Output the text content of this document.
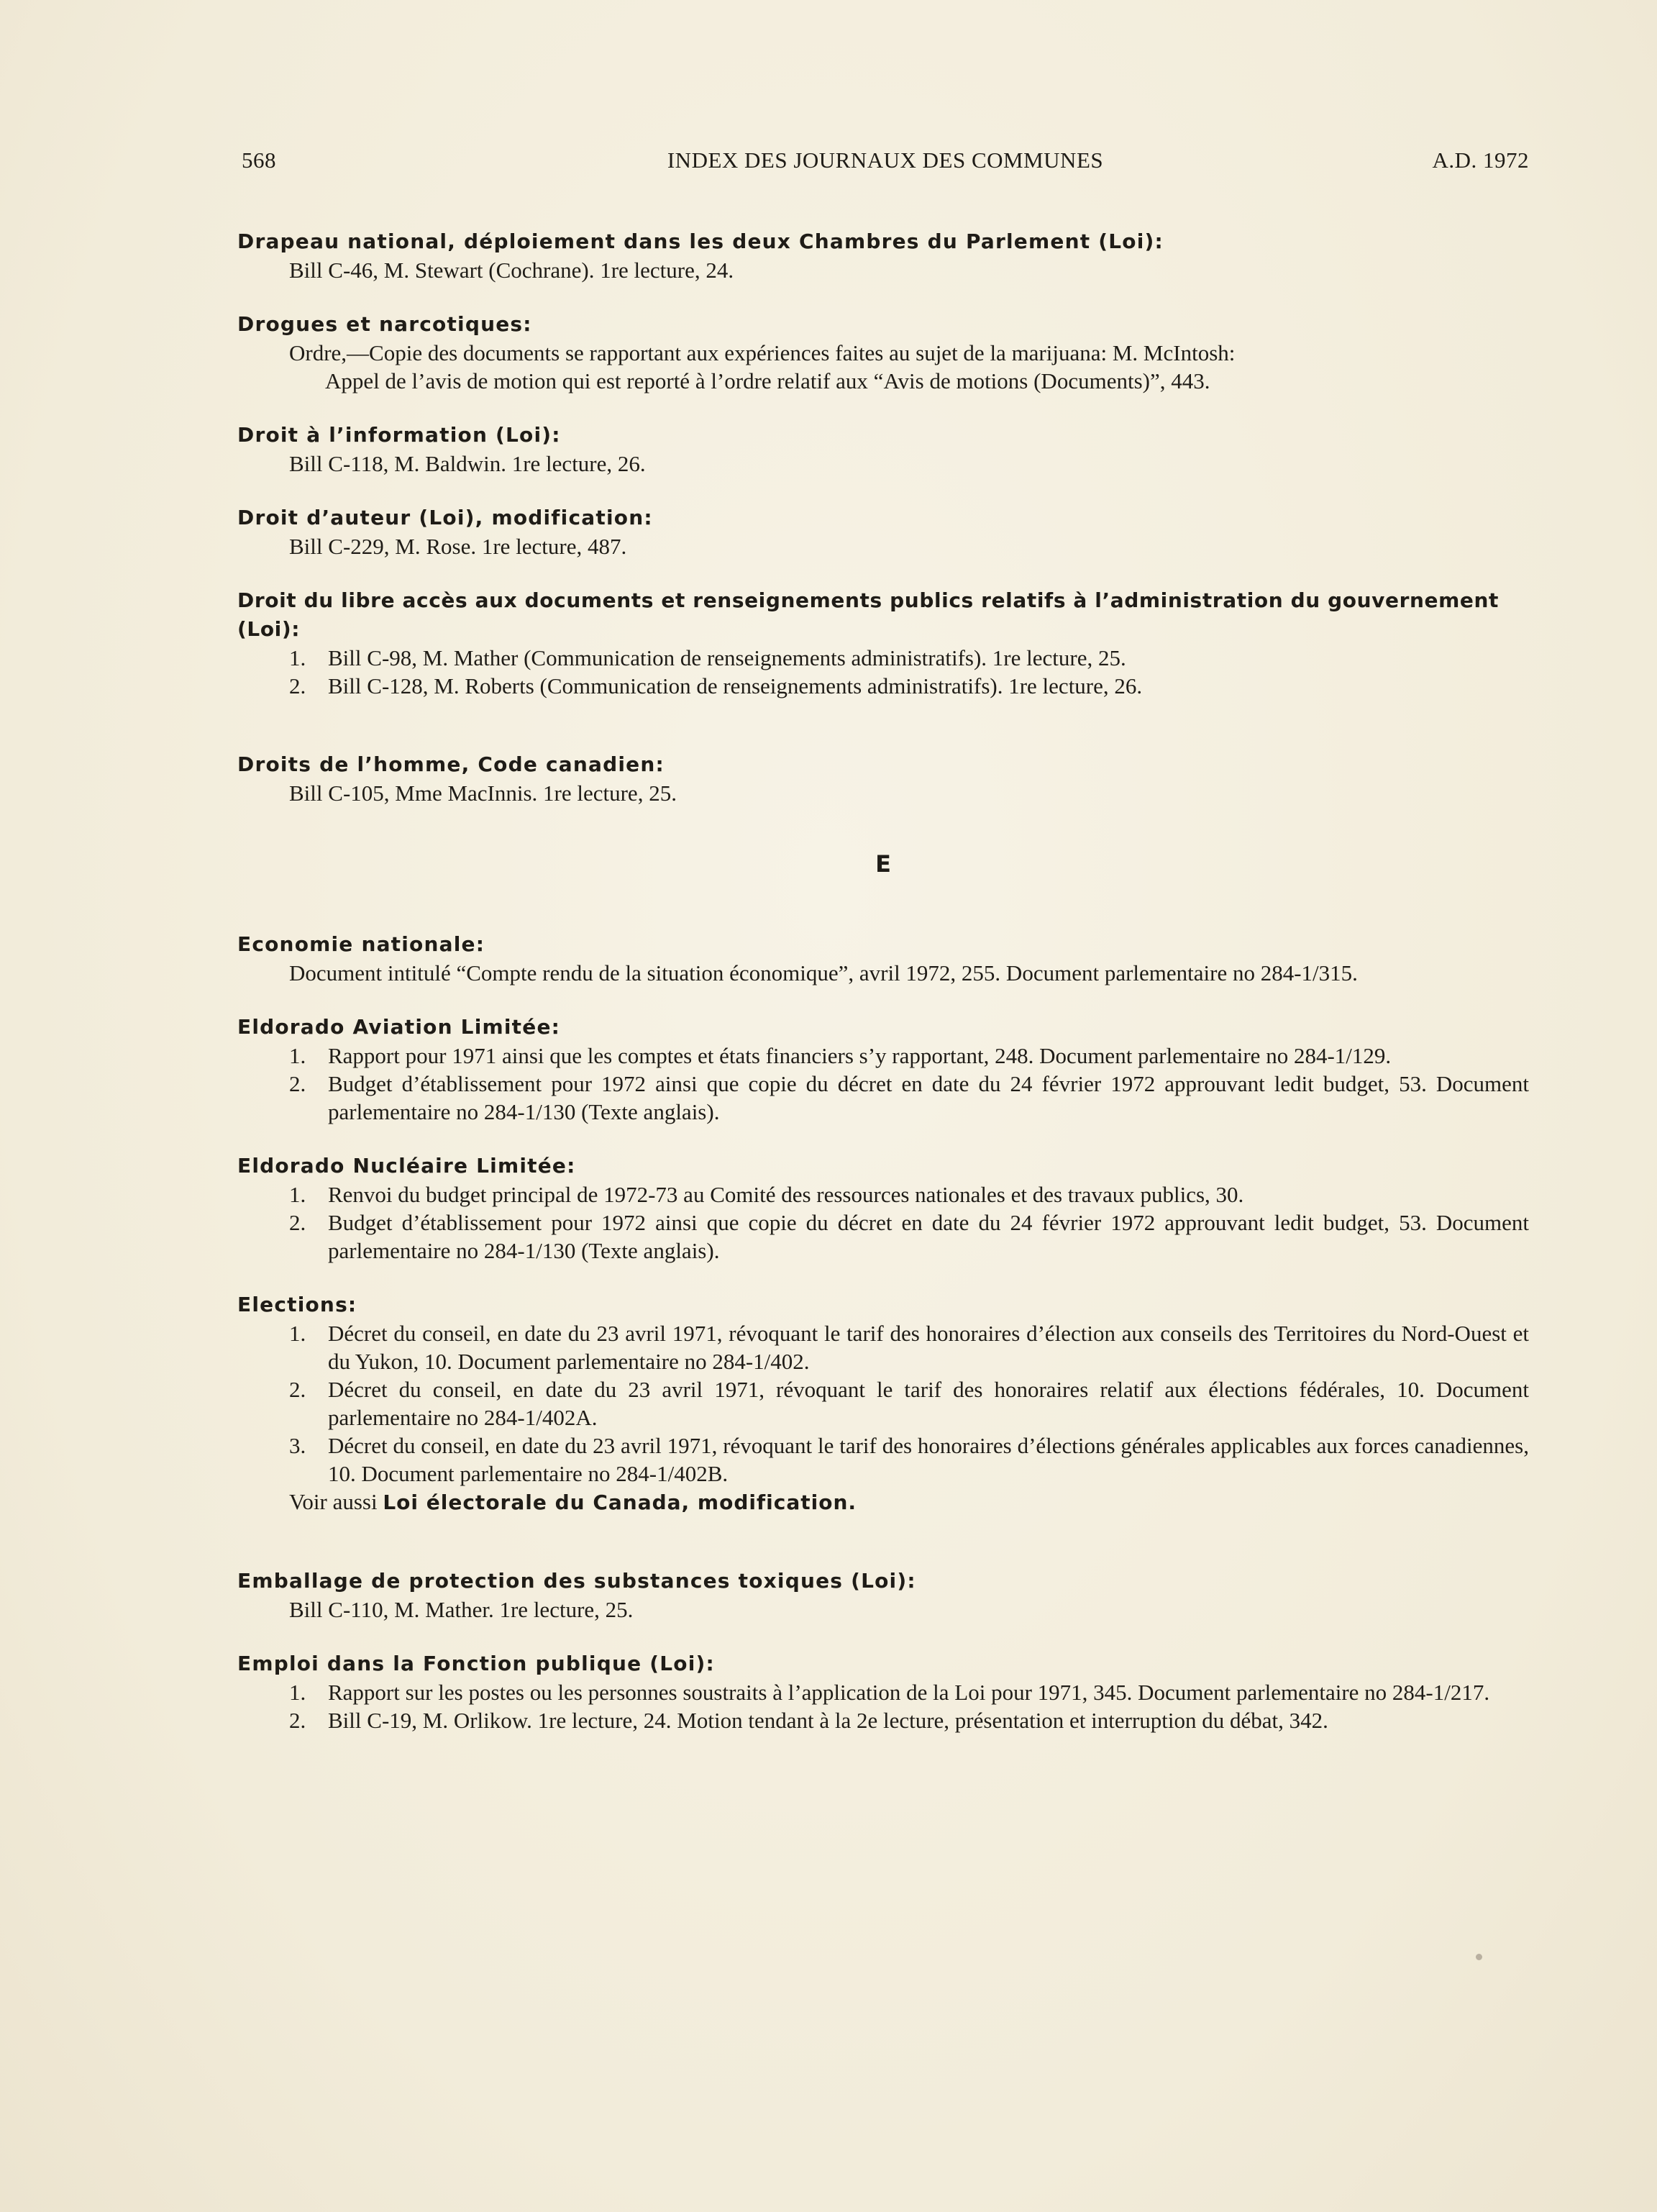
568	INDEX DES JOURNAUX DES COMMUNES	A.D. 1972
Drapeau national, déploiement dans les deux Chambres du Parlement (Loi):
Bill C-46, M. Stewart (Cochrane). 1re lecture, 24.
Drogues et narcotiques:
Ordre,—Copie des documents se rapportant aux expériences faites au sujet de la marijuana: M. McIntosh:
Appel de l’avis de motion qui est reporté à l’ordre relatif aux “Avis de motions (Documents)”, 443.
Droit à l’information (Loi):
Bill C-118, M. Baldwin. 1re lecture, 26.
Droit d’auteur (Loi), modification:
Bill C-229, M. Rose. 1re lecture, 487.
Droit du libre accès aux documents et renseignements publics relatifs à l’administration du gouvernement (Loi):
1. Bill C-98, M. Mather (Communication de renseignements administratifs). 1re lecture, 25.
2. Bill C-128, M. Roberts (Communication de renseignements administratifs). 1re lecture, 26.
Droits de l’homme, Code canadien:
Bill C-105, Mme MacInnis. 1re lecture, 25.
E
Economie nationale:
Document intitulé “Compte rendu de la situation économique”, avril 1972, 255. Document parlementaire no 284-1/315.
Eldorado Aviation Limitée:
1. Rapport pour 1971 ainsi que les comptes et états financiers s’y rapportant, 248. Document parlementaire no 284-1/129.
2. Budget d’établissement pour 1972 ainsi que copie du décret en date du 24 février 1972 approuvant ledit budget, 53. Document parlementaire no 284-1/130 (Texte anglais).
Eldorado Nucléaire Limitée:
1. Renvoi du budget principal de 1972-73 au Comité des ressources nationales et des travaux publics, 30.
2. Budget d’établissement pour 1972 ainsi que copie du décret en date du 24 février 1972 approuvant ledit budget, 53. Document parlementaire no 284-1/130 (Texte anglais).
Elections:
1. Décret du conseil, en date du 23 avril 1971, révoquant le tarif des honoraires d’élection aux conseils des Territoires du Nord-Ouest et du Yukon, 10. Document parlementaire no 284-1/402.
2. Décret du conseil, en date du 23 avril 1971, révoquant le tarif des honoraires relatif aux élections fédérales, 10. Document parlementaire no 284-1/402A.
3. Décret du conseil, en date du 23 avril 1971, révoquant le tarif des honoraires d’élections générales applicables aux forces canadiennes, 10. Document parlementaire no 284-1/402B.
Voir aussi Loi électorale du Canada, modification.
Emballage de protection des substances toxiques (Loi):
Bill C-110, M. Mather. 1re lecture, 25.
Emploi dans la Fonction publique (Loi):
1. Rapport sur les postes ou les personnes soustraits à l’application de la Loi pour 1971, 345. Document parlementaire no 284-1/217.
2. Bill C-19, M. Orlikow. 1re lecture, 24. Motion tendant à la 2e lecture, présentation et interruption du débat, 342.
